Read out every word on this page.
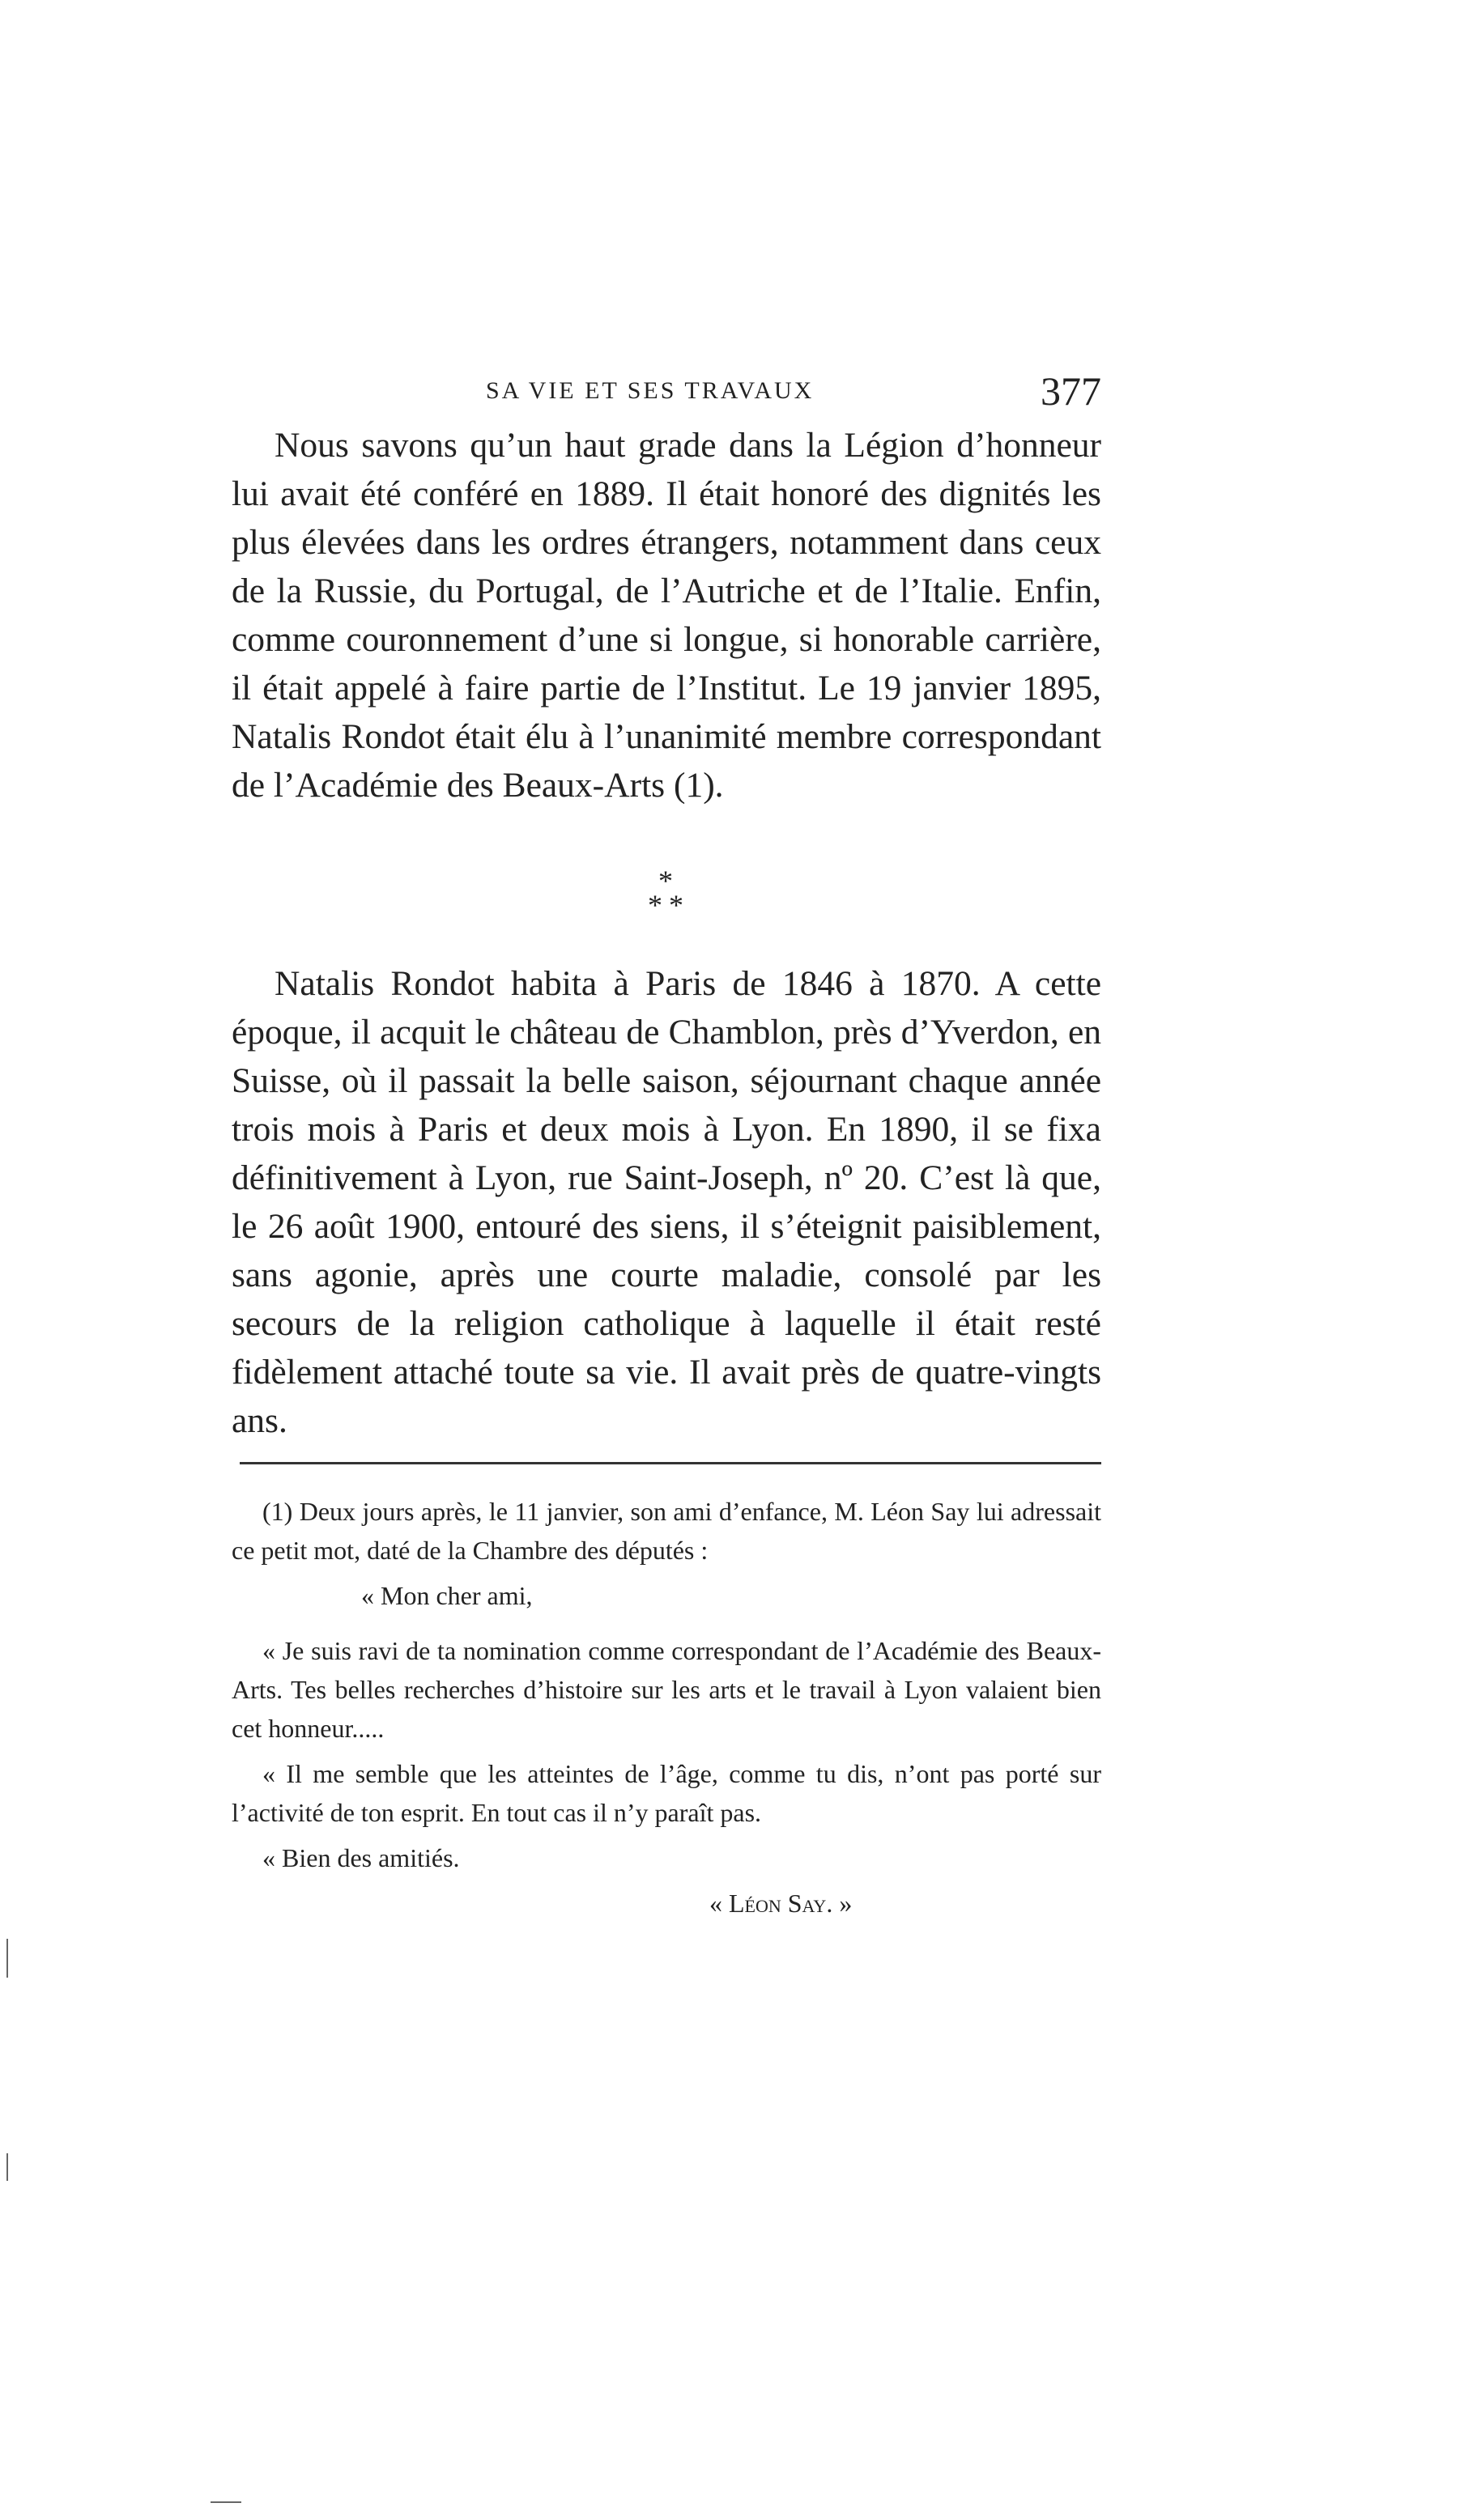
SA VIE ET SES TRAVAUX	377

Nous savons qu’un haut grade dans la Légion d’honneur lui avait été conféré en 1889. Il était honoré des dignités les plus élevées dans les ordres étrangers, notamment dans ceux de la Russie, du Portugal, de l’Autriche et de l’Italie. Enfin, comme couronnement d’une si longue, si honorable carrière, il était appelé à faire partie de l’Institut. Le 19 janvier 1895, Natalis Rondot était élu à l’unanimité membre correspondant de l’Académie des Beaux-Arts (1).

*
* *

Natalis Rondot habita à Paris de 1846 à 1870. A cette époque, il acquit le château de Chamblon, près d’Yverdon, en Suisse, où il passait la belle saison, séjournant chaque année trois mois à Paris et deux mois à Lyon. En 1890, il se fixa définitivement à Lyon, rue Saint-Joseph, nº 20. C’est là que, le 26 août 1900, entouré des siens, il s’éteignit paisiblement, sans agonie, après une courte maladie, consolé par les secours de la religion catholique à laquelle il était resté fidèlement attaché toute sa vie. Il avait près de quatre-vingts ans.

(1) Deux jours après, le 11 janvier, son ami d’enfance, M. Léon Say lui adressait ce petit mot, daté de la Chambre des députés :

« Mon cher ami,

« Je suis ravi de ta nomination comme correspondant de l’Académie des Beaux-Arts. Tes belles recherches d’histoire sur les arts et le travail à Lyon valaient bien cet honneur.....

« Il me semble que les atteintes de l’âge, comme tu dis, n’ont pas porté sur l’activité de ton esprit. En tout cas il n’y paraît pas.

« Bien des amitiés.

« Léon Say. »
